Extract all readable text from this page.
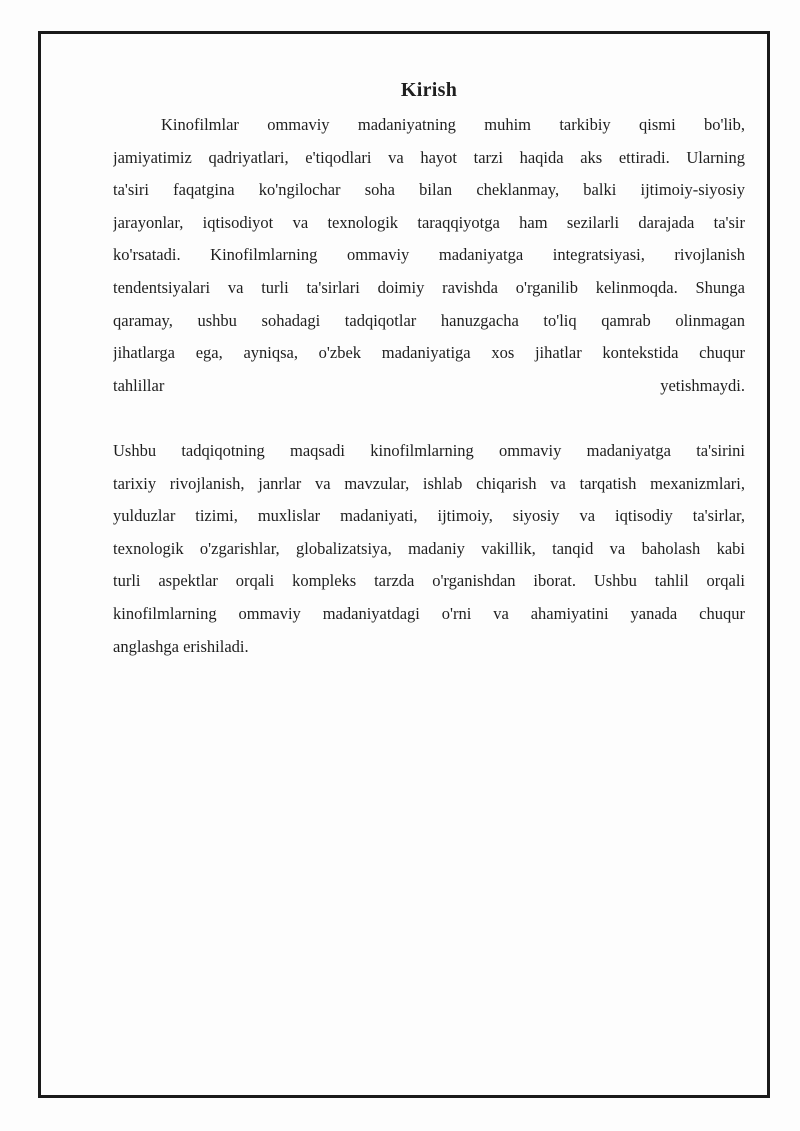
Kirish
Kinofilmlar ommaviy madaniyatning muhim tarkibiy qismi bo'lib,
jamiyatimiz qadriyatlari, e'tiqodlari va hayot tarzi haqida aks ettiradi. Ularning
ta'siri faqatgina ko'ngilochar soha bilan cheklanmay, balki ijtimoiy-siyosiy
jarayonlar, iqtisodiyot va texnologik taraqqiyotga ham sezilarli darajada ta'sir
ko'rsatadi. Kinofilmlarning ommaviy madaniyatga integratsiyasi, rivojlanish
tendentsiyalari va turli ta'sirlari doimiy ravishda o'rganilib kelinmoqda. Shunga
qaramay, ushbu sohadagi tadqiqotlar hanuzgacha to'liq qamrab olinmagan
jihatlarga ega, ayniqsa, o'zbek madaniyatiga xos jihatlar kontekstida chuqur
tahlillar yetishmaydi.
Ushbu tadqiqotning maqsadi kinofilmlarning ommaviy madaniyatga ta'sirini
tarixiy rivojlanish, janrlar va mavzular, ishlab chiqarish va tarqatish mexanizmlari,
yulduzlar tizimi, muxlislar madaniyati, ijtimoiy, siyosiy va iqtisodiy ta'sirlar,
texnologik o'zgarishlar, globalizatsiya, madaniy vakillik, tanqid va baholash kabi
turli aspektlar orqali kompleks tarzda o'rganishdan iborat. Ushbu tahlil orqali
kinofilmlarning ommaviy madaniyatdagi o'rni va ahamiyatini yanada chuqur
anglashga erishiladi.
